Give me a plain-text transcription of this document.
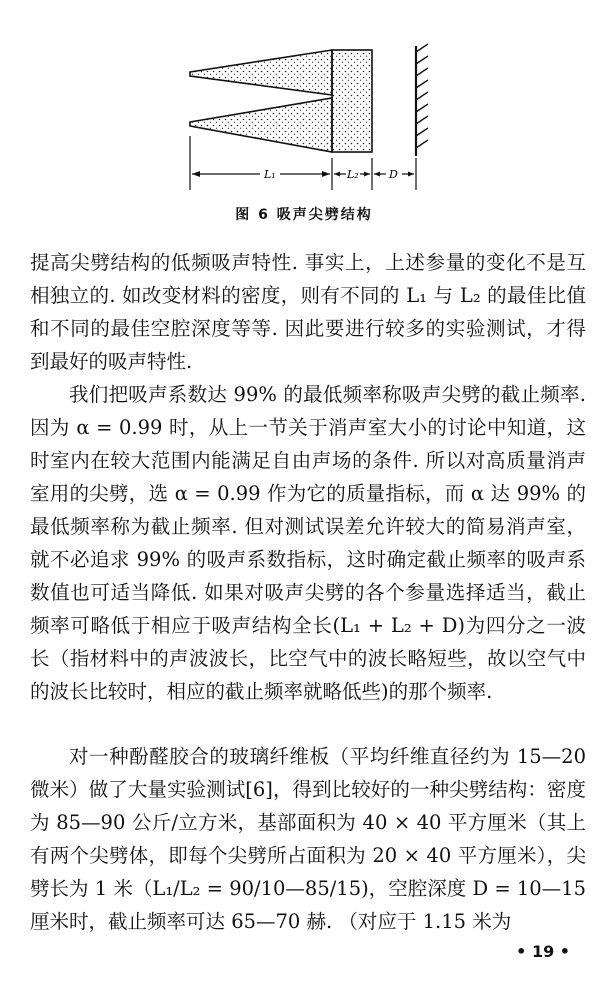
L₁	L₂	D
图 6 吸声尖劈结构
提高尖劈结构的低频吸声特性. 事实上，上述参量的变化不是互相独立的. 如改变材料的密度，则有不同的 L₁ 与 L₂ 的最佳比值和不同的最佳空腔深度等等. 因此要进行较多的实验测试，才得到最好的吸声特性.
我们把吸声系数达 99% 的最低频率称吸声尖劈的截止频率. 因为 α = 0.99 时，从上一节关于消声室大小的讨论中知道，这时室内在较大范围内能满足自由声场的条件. 所以对高质量消声室用的尖劈，选 α = 0.99 作为它的质量指标，而 α 达 99% 的最低频率称为截止频率. 但对测试误差允许较大的简易消声室，就不必追求 99% 的吸声系数指标，这时确定截止频率的吸声系数值也可适当降低. 如果对吸声尖劈的各个参量选择适当，截止频率可略低于相应于吸声结构全长(L₁ + L₂ + D)为四分之一波长（指材料中的声波波长，比空气中的波长略短些，故以空气中的波长比较时，相应的截止频率就略低些)的那个频率.
对一种酚醛胶合的玻璃纤维板（平均纤维直径约为 15—20 微米）做了大量实验测试[6]，得到比较好的一种尖劈结构：密度为 85—90 公斤/立方米，基部面积为 40 × 40 平方厘米（其上有两个尖劈体，即每个尖劈所占面积为 20 × 40 平方厘米），尖劈长为 1 米（L₁/L₂ = 90/10—85/15)，空腔深度 D = 10—15 厘米时，截止频率可达 65—70 赫. （对应于 1.15 米为
• 19 •
